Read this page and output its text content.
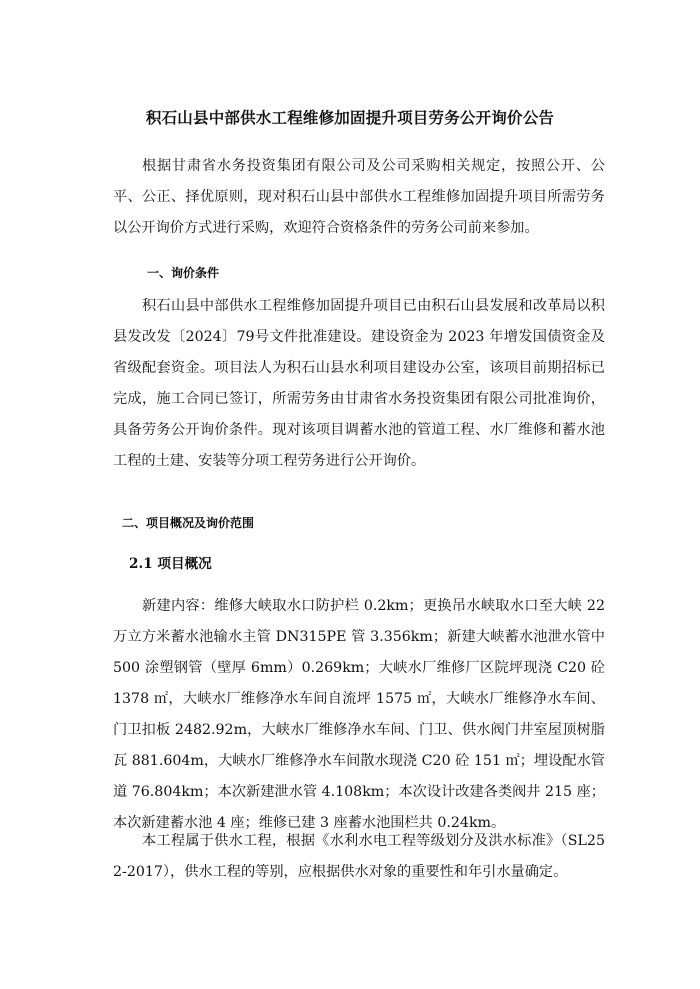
积石山县中部供水工程维修加固提升项目劳务公开询价公告

根据甘肃省水务投资集团有限公司及公司采购相关规定，按照公开、公平、公正、择优原则，现对积石山县中部供水工程维修加固提升项目所需劳务以公开询价方式进行采购，欢迎符合资格条件的劳务公司前来参加。

一、询价条件

积石山县中部供水工程维修加固提升项目已由积石山县发展和改革局以积县发改发〔2024〕79号文件批准建设。建设资金为 2023 年增发国债资金及省级配套资金。项目法人为积石山县水利项目建设办公室，该项目前期招标已完成，施工合同已签订，所需劳务由甘肃省水务投资集团有限公司批准询价，具备劳务公开询价条件。现对该项目调蓄水池的管道工程、水厂维修和蓄水池工程的土建、安装等分项工程劳务进行公开询价。

二、项目概况及询价范围
2.1 项目概况

新建内容：维修大峡取水口防护栏 0.2km；更换吊水峡取水口至大峡 22 万立方米蓄水池输水主管 DN315PE 管 3.356km；新建大峡蓄水池泄水管中 500 涂塑钢管（壁厚 6mm）0.269km；大峡水厂维修厂区院坪现浇 C20 砼 1378 ㎡，大峡水厂维修净水车间自流坪 1575 ㎡，大峡水厂维修净水车间、门卫扣板 2482.92m，大峡水厂维修净水车间、门卫、供水阀门井室屋顶树脂瓦 881.604m，大峡水厂维修净水车间散水现浇 C20 砼 151 ㎡；埋设配水管道 76.804km；本次新建泄水管 4.108km；本次设计改建各类阀井 215 座；本次新建蓄水池 4 座；维修已建 3 座蓄水池围栏共 0.24km。

本工程属于供水工程，根据《水利水电工程等级划分及洪水标准》（SL252-2017），供水工程的等别，应根据供水对象的重要性和年引水量确定。
